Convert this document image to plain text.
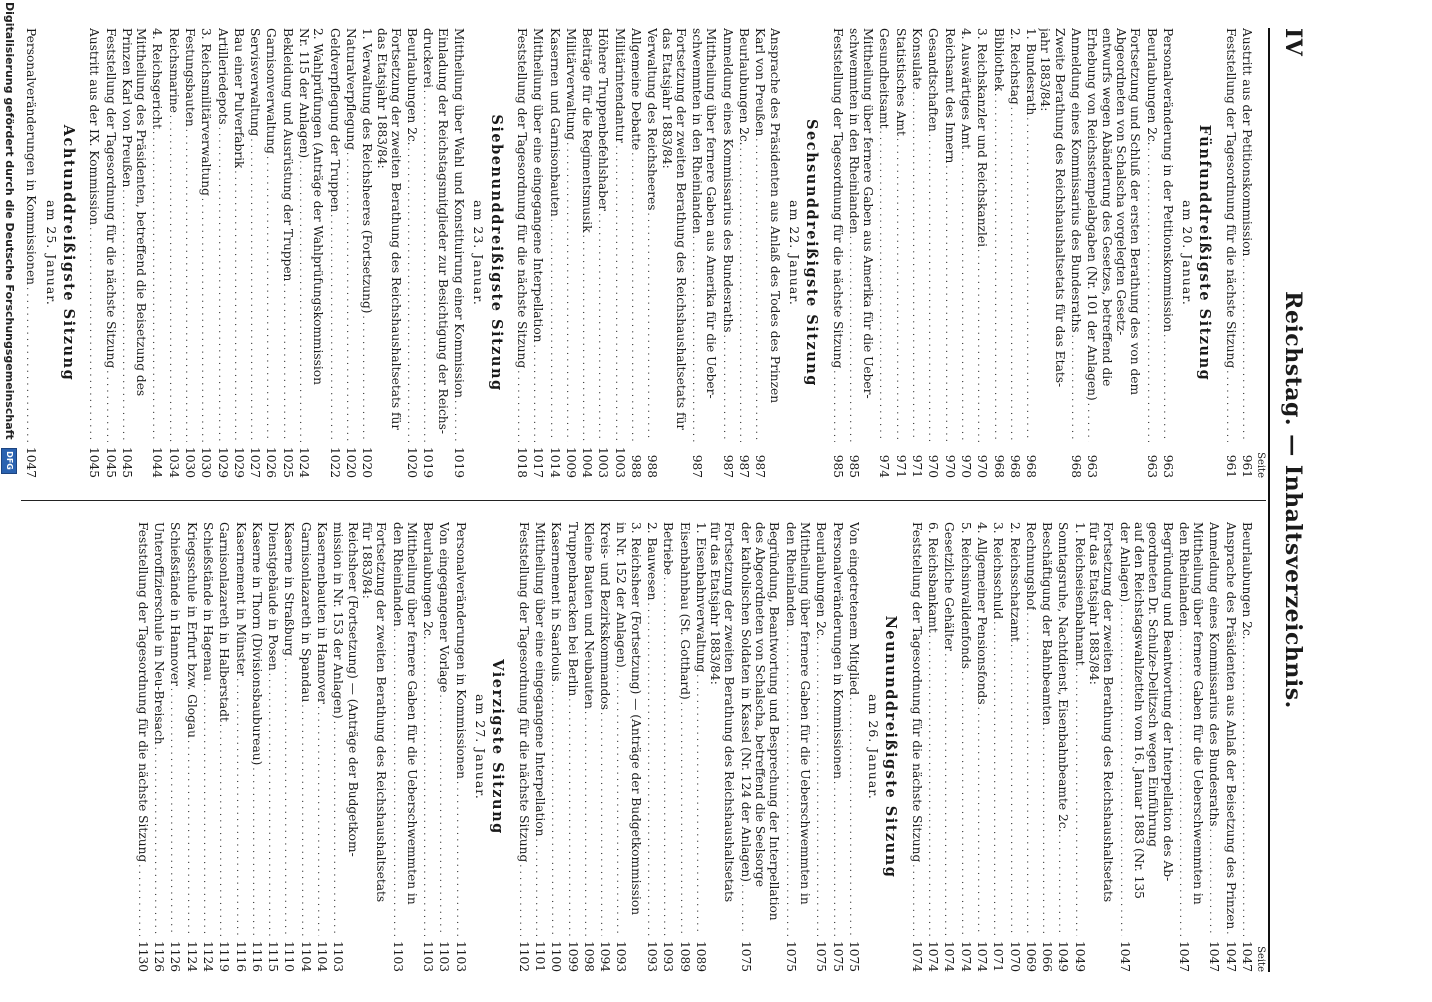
IV
Reichstag. — Inhaltsverzeichnis.
Seite
Austritt aus der Petitionskommission
. . .
961
Feststellung der Tagesordnung für die nächste Sitzung
. . .
961
Fünfunddreißigste Sitzung
am 20. Januar.
Personalveränderung in der Petitionskommission
. . .
963
Beurlaubungen 2c.
. . .
963
Fortsetzung und Schluß der ersten Berathung des von dem
Abgeordneten von Schalscha vorgelegten Gesetz-
entwurfs wegen Abänderung des Gesetzes, betreffend die
Erhebung von Reichsstempelabgaben (Nr. 101 der Anlagen)
. . .
963
Anmeldung eines Kommissarius des Bundesraths
. . .
968
Zweite Berathung des Reichshaushaltsetats für das Etats-
jahr 1883/84:
1. Bundesrath
. . .
968
2. Reichstag
. . .
968
Bibliothek
. . .
968
3. Reichskanzler und Reichskanzlei
. . .
970
4. Auswärtiges Amt
. . .
970
Reichsamt des Innern
. . .
970
Gesandtschaften
. . .
970
Konsulate
. . .
971
Statistisches Amt
. . .
971
Gesundheitsamt
. . .
974
Mittheilung über fernere Gaben aus Amerika für die Ueber-
schwemmten in den Rheinlanden
. . .
985
Feststellung der Tagesordnung für die nächste Sitzung
. . .
985
Sechsunddreißigste Sitzung
am 22. Januar.
Ansprache des Präsidenten aus Anlaß des Todes des Prinzen
Karl von Preußen
. . .
987
Beurlaubungen 2c.
. . .
987
Anmeldung eines Kommissarius des Bundesraths
. . .
987
Mittheilung über fernere Gaben aus Amerika für die Ueber-
schwemmten in den Rheinlanden
. . .
987
Fortsetzung der zweiten Berathung des Reichshaushaltsetats für
das Etatsjahr 1883/84:
Verwaltung des Reichsheeres
. . .
988
Allgemeine Debatte
. . .
988
Militärintendantur
. . .
1003
Höhere Truppenbefehlshaber
. . .
1003
Beiträge für die Regimentsmusik
. . .
1004
Militärverwaltung
. . .
1009
Kasernen und Garnisonbauten
. . .
1014
Mittheilung über eine eingegangene Interpellation
. . .
1017
Feststellung der Tagesordnung für die nächste Sitzung
. . .
1018
Siebenunddreißigste Sitzung
am 23. Januar.
Mittheilung über Wahl und Konstituirung einer Kommission
. . .
1019
Einladung der Reichstagsmitglieder zur Besichtigung der Reichs-
druckerei
. . .
1019
Beurlaubungen 2c.
. . .
1020
Fortsetzung der zweiten Berathung des Reichshaushaltsetats für
das Etatsjahr 1883/84:
1. Verwaltung des Reichsheeres (Fortsetzung)
. . .
1020
Naturalverpflegung
. . .
1020
Geldverpflegung der Truppen
. . .
1022
2. Wahlprüfungen (Anträge der Wahlprüfungskommission
Nr. 115 der Anlagen)
. . .
1024
Bekleidung und Ausrüstung der Truppen
. . .
1025
Garnisonverwaltung
. . .
1026
Servisverwaltung
. . .
1027
Bau einer Pulverfabrik
. . .
1029
Artilleriedepots
. . .
1029
3. Reichsmilitärverwaltung
. . .
1030
Festungsbauten
. . .
1030
Reichsmarine
. . .
1034
4. Reichsgericht
. . .
1044
Mittheilung des Präsidenten, betreffend die Beisetzung des
Prinzen Karl von Preußen
. . .
1045
Feststellung der Tagesordnung für die nächste Sitzung
. . .
1045
Austritt aus der IX. Kommission
. . .
1045
Achtunddreißigste Sitzung
am 25. Januar.
Personalveränderungen in Kommissionen
. . .
1047
Seite
Beurlaubungen 2c.
. . .
1047
Ansprache des Präsidenten aus Anlaß der Beisetzung des Prinzen
. . .
1047
Anmeldung eines Kommissarius des Bundesraths
. . .
1047
Mittheilung über fernere Gaben für die Ueberschwemmten in
den Rheinlanden
. . .
1047
Begründung und Beantwortung der Interpellation des Ab-
geordneten Dr. Schulze-Delitzsch wegen Einführung
auf den Reichstagswahlzetteln vom 16. Januar 1883 (Nr. 135
der Anlagen)
. . .
1047
Fortsetzung der zweiten Berathung des Reichshaushaltsetats
für das Etatsjahr 1883/84:
1. Reichseisenbahnamt
. . .
1049
Sonntagsruhe, Nachtdienst, Eisenbahnbeamte 2c.
. . .
1049
Beschäftigung der Bahnbeamten
. . .
1066
Rechnungshof
. . .
1069
2. Reichsschatzamt
. . .
1070
3. Reichsschuld
. . .
1071
4. Allgemeiner Pensionsfonds
. . .
1074
5. Reichsinvalidenfonds
. . .
1074
Gesetzliche Gehälter
. . .
1074
6. Reichsbankamt
. . .
1074
Feststellung der Tagesordnung für die nächste Sitzung
. . .
1074
Neununddreißigste Sitzung
am 26. Januar.
Von eingetretenem Mitglied
. . .
1075
Personalveränderungen in Kommissionen
. . .
1075
Beurlaubungen 2c.
. . .
1075
Mittheilung über fernere Gaben für die Ueberschwemmten in
den Rheinlanden
. . .
1075
Begründung, Beantwortung und Besprechung der Interpellation
des Abgeordneten von Schalscha, betreffend die Seelsorge
der katholischen Soldaten in Kassel (Nr. 124 der Anlagen)
. . .
1075
Fortsetzung der zweiten Berathung des Reichshaushaltsetats
für das Etatsjahr 1883/84:
1. Eisenbahnverwaltung
. . .
1089
Eisenbahnbau (St. Gotthard)
. . .
1089
Betriebe
. . .
1093
2. Bauwesen
. . .
1093
3. Reichsheer (Fortsetzung) — (Anträge der Budgetkommission
in Nr. 152 der Anlagen)
. . .
1093
Kreis- und Bezirkskommandos
. . .
1094
Kleine Bauten und Neubauten
. . .
1098
Truppenbaracken bei Berlin
. . .
1099
Kasernement in Saarlouis
. . .
1100
Mittheilung über eine eingegangene Interpellation
. . .
1101
Feststellung der Tagesordnung für die nächste Sitzung
. . .
1102
Vierzigste Sitzung
am 27. Januar.
Personalveränderungen in Kommissionen
. . .
1103
Von eingegangener Vorlage
. . .
1103
Beurlaubungen 2c.
. . .
1103
Mittheilung über fernere Gaben für die Ueberschwemmten in
den Rheinlanden
. . .
1103
Fortsetzung der zweiten Berathung des Reichshaushaltsetats
für 1883/84:
Reichsheer (Fortsetzung) — (Anträge der Budgetkom-
mission in Nr. 153 der Anlagen)
. . .
1103
Kasernenbauten in Hannover
. . .
1104
Garnisonlazareth in Spandau
. . .
1104
Kaserne in Straßburg
. . .
1110
Dienstgebäude in Posen
. . .
1115
Kaserne in Thorn (Divisionsbaubureau)
. . .
1116
Kasernement in Münster
. . .
1116
Garnisonlazareth in Halberstadt
. . .
1119
Schießstände in Hagenau
. . .
1124
Kriegsschule in Erfurt bzw. Glogau
. . .
1124
Schießstände in Hannover
. . .
1126
Unteroffizierschule in Neu-Breisach
. . .
1126
Feststellung der Tagesordnung für die nächste Sitzung
. . .
1130
Digitalisierung gefördert durch die Deutsche Forschungsgemeinschaft DFG
